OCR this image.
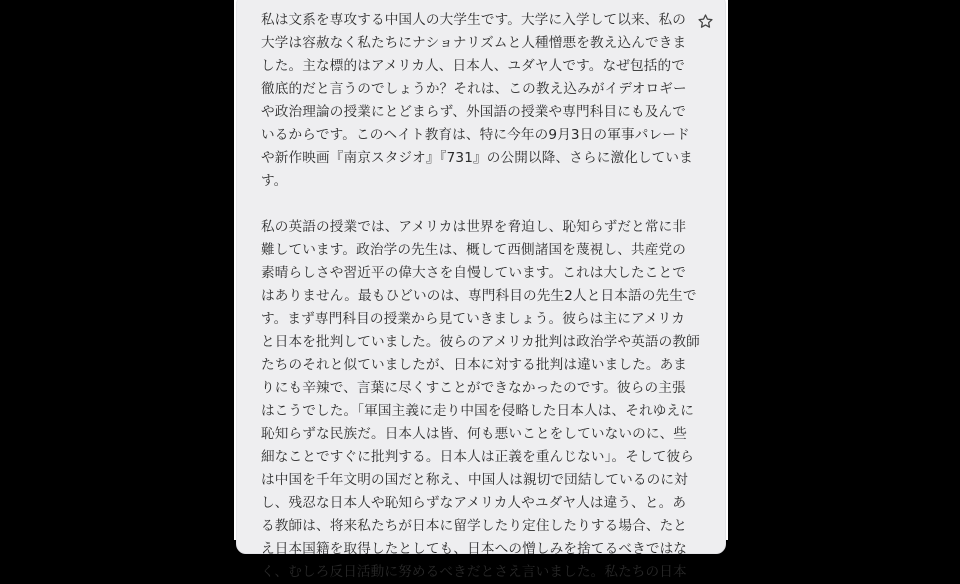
私は文系を専攻する中国人の大学生です。大学に入学して以来、私の
大学は容赦なく私たちにナショナリズムと人種憎悪を教え込んできま
した。主な標的はアメリカ人、日本人、ユダヤ人です。なぜ包括的で
徹底的だと言うのでしょうか？それは、この教え込みがイデオロギー
や政治理論の授業にとどまらず、外国語の授業や専門科目にも及んで
いるからです。このヘイト教育は、特に今年の9月3日の軍事パレード
や新作映画『南京スタジオ』『731』の公開以降、さらに激化していま
す。

私の英語の授業では、アメリカは世界を脅迫し、恥知らずだと常に非
難しています。政治学の先生は、概して西側諸国を蔑視し、共産党の
素晴らしさや習近平の偉大さを自慢しています。これは大したことで
はありません。最もひどいのは、専門科目の先生2人と日本語の先生で
す。まず専門科目の授業から見ていきましょう。彼らは主にアメリカ
と日本を批判していました。彼らのアメリカ批判は政治学や英語の教師
たちのそれと似ていましたが、日本に対する批判は違いました。あま
りにも辛辣で、言葉に尽くすことができなかったのです。彼らの主張
はこうでした。「軍国主義に走り中国を侵略した日本人は、それゆえに
恥知らずな民族だ。日本人は皆、何も悪いことをしていないのに、些
細なことですぐに批判する。日本人は正義を重んじない」。そして彼ら
は中国を千年文明の国だと称え、中国人は親切で団結しているのに対
し、残忍な日本人や恥知らずなアメリカ人やユダヤ人は違う、と。あ
る教師は、将来私たちが日本に留学したり定住したりする場合、たと
え日本国籍を取得したとしても、日本への憎しみを捨てるべきではな
く、むしろ反日活動に努めるべきだとさえ言いました。私たちの日本
